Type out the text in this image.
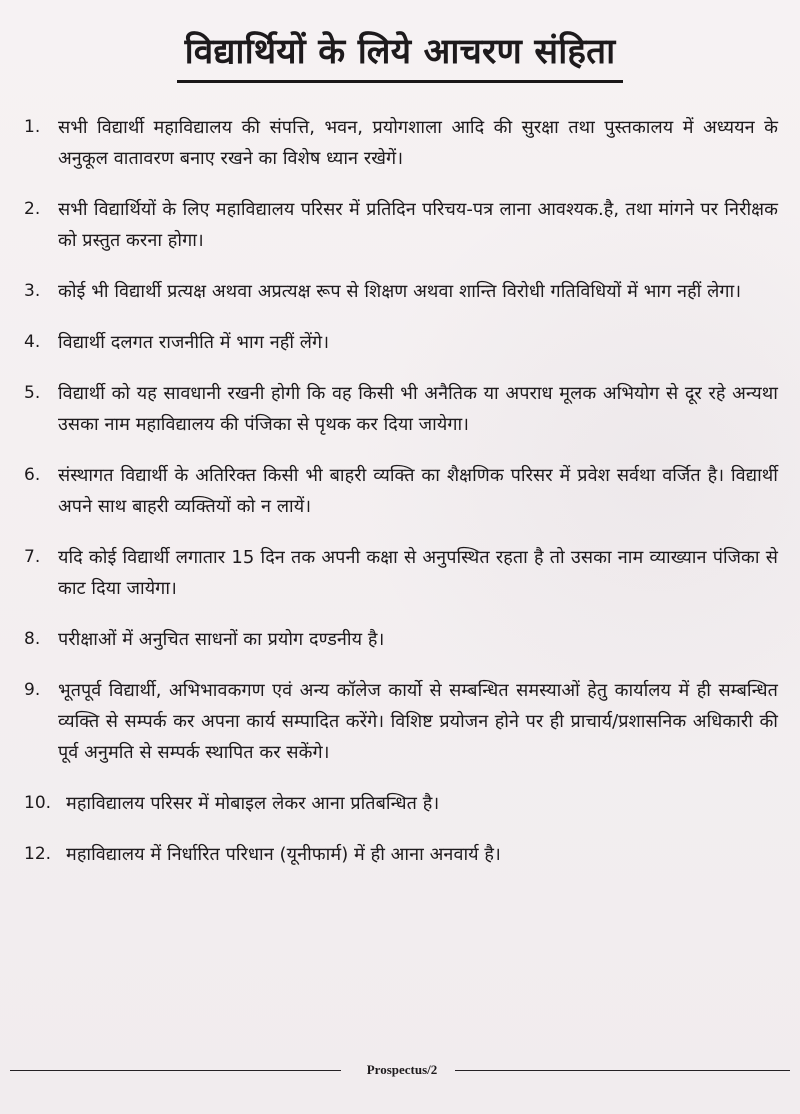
विद्यार्थियों के लिये आचरण संहिता
1. सभी विद्यार्थी महाविद्यालय की संपत्ति, भवन, प्रयोगशाला आदि की सुरक्षा तथा पुस्तकालय में अध्ययन के अनुकूल वातावरण बनाए रखने का विशेष ध्यान रखेगें।
2. सभी विद्यार्थियों के लिए महाविद्यालय परिसर में प्रतिदिन परिचय-पत्र लाना आवश्यक.है, तथा मांगने पर निरीक्षक को प्रस्तुत करना होगा।
3. कोई भी विद्यार्थी प्रत्यक्ष अथवा अप्रत्यक्ष रूप से शिक्षण अथवा शान्ति विरोधी गतिविधियों में भाग नहीं लेगा।
4. विद्यार्थी दलगत राजनीति में भाग नहीं लेंगे।
5. विद्यार्थी को यह सावधानी रखनी होगी कि वह किसी भी अनैतिक या अपराध मूलक अभियोग से दूर रहे अन्यथा उसका नाम महाविद्यालय की पंजिका से पृथक कर दिया जायेगा।
6. संस्थागत विद्यार्थी के अतिरिक्त किसी भी बाहरी व्यक्ति का शैक्षणिक परिसर में प्रवेश सर्वथा वर्जित है। विद्यार्थी अपने साथ बाहरी व्यक्तियों को न लायें।
7. यदि कोई विद्यार्थी लगातार 15 दिन तक अपनी कक्षा से अनुपस्थित रहता है तो उसका नाम व्याख्यान पंजिका से काट दिया जायेगा।
8. परीक्षाओं में अनुचित साधनों का प्रयोग दण्डनीय है।
9. भूतपूर्व विद्यार्थी, अभिभावकगण एवं अन्य कॉलेज कार्यो से सम्बन्धित समस्याओं हेतु कार्यालय में ही सम्बन्धित व्यक्ति से सम्पर्क कर अपना कार्य सम्पादित करेंगे। विशिष्ट प्रयोजन होने पर ही प्राचार्य/प्रशासनिक अधिकारी की पूर्व अनुमति से सम्पर्क स्थापित कर सकेंगे।
10. महाविद्यालय परिसर में मोबाइल लेकर आना प्रतिबन्धित है।
12. महाविद्यालय में निर्धारित परिधान (यूनीफार्म) में ही आना अनवार्य है।
Prospectus/2
